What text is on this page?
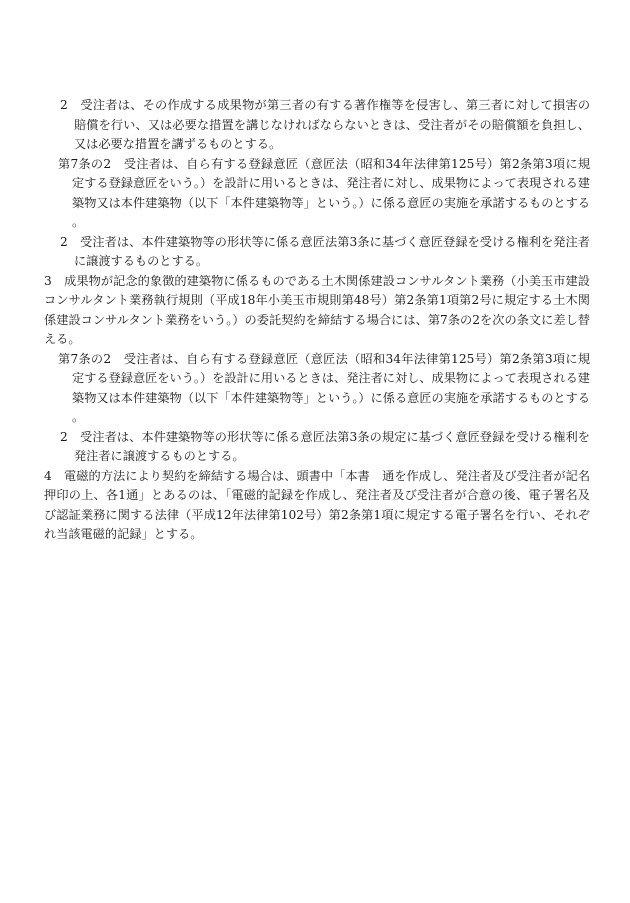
2　 受注者は、その作成する成果物が第三者の有する著作権等を侵害し、第三者に対して損害の賠償を行い、又は必要な措置を講じなければならないときは、受注者がその賠償額を負担し、又は必要な措置を講ずるものとする。

第7条の2　 受注者は、自ら有する登録意匠（意匠法（昭和34年法律第125号）第2条第3項に規定する登録意匠をいう。）を設計に用いるときは、発注者に対し、成果物によって表現される建築物又は本件建築物（以下「本件建築物等」という。）に係る意匠の実施を承諾するものとする。

2　 受注者は、本件建築物等の形状等に係る意匠法第3条に基づく意匠登録を受ける権利を発注者に譲渡するものとする。

3　 成果物が記念的象徴的建築物に係るものである土木関係建設コンサルタント業務（小美玉市建設コンサルタント業務執行規則（平成18年小美玉市規則第48号）第2条第1項第2号に規定する土木関係建設コンサルタント業務をいう。）の委託契約を締結する場合には、第7条の2を次の条文に差し替える。

第7条の2　 受注者は、自ら有する登録意匠（意匠法（昭和34年法律第125号）第2条第3項に規定する登録意匠をいう。）を設計に用いるときは、発注者に対し、成果物によって表現される建築物又は本件建築物（以下「本件建築物等」という。）に係る意匠の実施を承諾するものとする。

2　 受注者は、本件建築物等の形状等に係る意匠法第3条の規定に基づく意匠登録を受ける権利を発注者に譲渡するものとする。

4　 電磁的方法により契約を締結する場合は、頭書中「本書　通を作成し、発注者及び受注者が記名押印の上、各1通」とあるのは、「電磁的記録を作成し、発注者及び受注者が合意の後、電子署名及び認証業務に関する法律（平成12年法律第102号）第2条第1項に規定する電子署名を行い、それぞれ当該電磁的記録」とする。
